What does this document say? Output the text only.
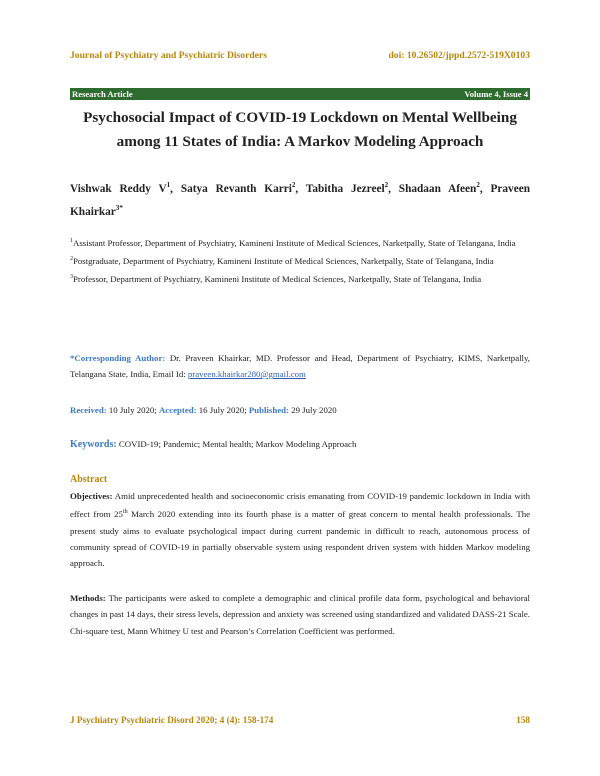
Journal of Psychiatry and Psychiatric Disorders	doi: 10.26502/jppd.2572-519X0103
Research Article	Volume 4, Issue 4
Psychosocial Impact of COVID-19 Lockdown on Mental Wellbeing
among 11 States of India: A Markov Modeling Approach
Vishwak Reddy $V^1$, Satya Revanth Karri$^2$, Tabitha Jezreel$^2$, Shadaan Afeen$^2$, Praveen Khairkar$^{3*}$

$^1$Assistant Professor, Department of Psychiatry, Kamineni Institute of Medical Sciences, Narketpally, State of Telangana, India

$^2$Postgraduate, Department of Psychiatry, Kamineni Institute of Medical Sciences, Narketpally, State of Telangana, India

$^3$Professor, Department of Psychiatry, Kamineni Institute of Medical Sciences, Narketpally, State of Telangana, India

*Corresponding Author: Dr. Praveen Khairkar, MD. Professor and Head, Department of Psychiatry, KIMS, Narketpally, Telangana State, India, Email Id: praveen.khairkar280@gmail.com
Received: 10 July 2020; Accepted: 16 July 2020; Published: 29 July 2020
Keywords: COVID-19; Pandemic; Mental health; Markov Modeling Approach
Abstract
Objectives: Amid unprecedented health and socioeconomic crisis emanating from COVID-19 pandemic lockdown in India with effect from 25th March 2020 extending into its fourth phase is a matter of great concern to mental health professionals. The present study aims to evaluate psychological impact during current pandemic in difficult to reach, autonomous process of community spread of COVID-19 in partially observable system using respondent driven system with hidden Markov modeling approach.
Methods: The participants were asked to complete a demographic and clinical profile data form, psychological and behavioral changes in past 14 days, their stress levels, depression and anxiety was screened using standardized and validated DASS-21 Scale. Chi-square test, Mann Whitney U test and Pearson’s Correlation Coefficient was performed.
J Psychiatry Psychiatric Disord 2020; 4 (4): 158-174	158
